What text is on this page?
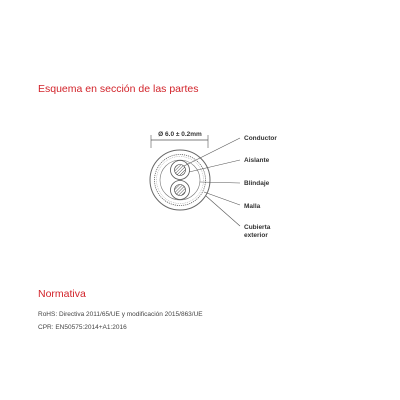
Esquema en sección de las partes
Ø 6.0 ± 0.2mm
Conductor
Aislante
Blindaje
Malla
Cubierta
exterior
Normativa

RoHS: Directiva 2011/65/UE y modificación 2015/863/UE

CPR: EN50575:2014+A1:2016
